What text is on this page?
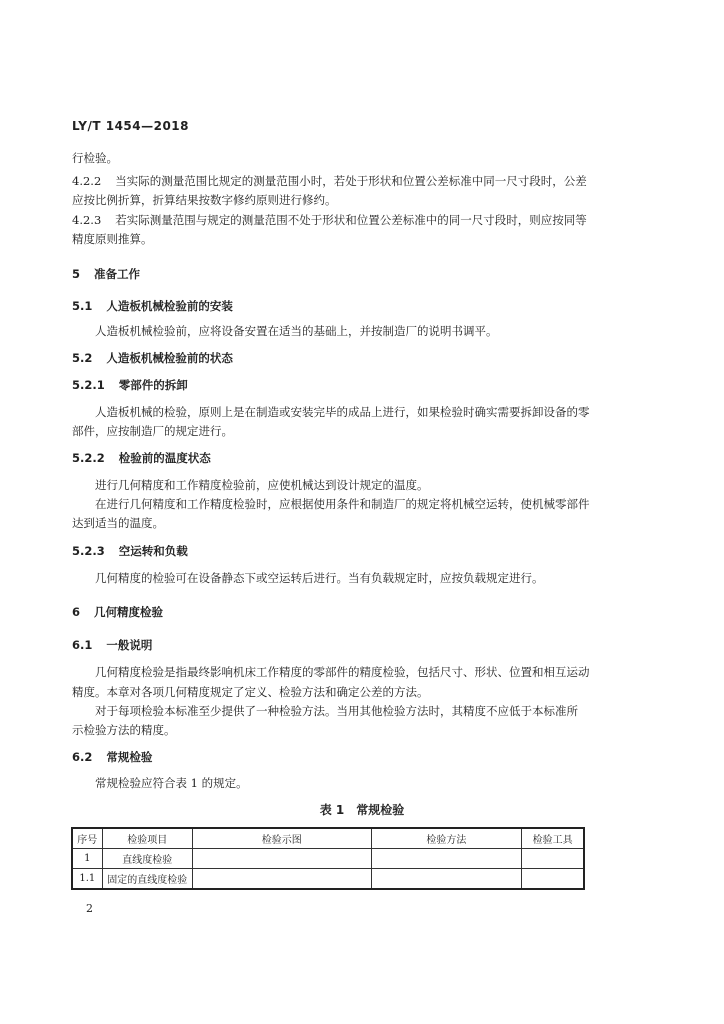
LY/T 1454—2018
行检验。
4.2.2 当实际的测量范围比规定的测量范围小时，若处于形状和位置公差标准中同一尺寸段时，公差
应按比例折算，折算结果按数字修约原则进行修约。
4.2.3 若实际测量范围与规定的测量范围不处于形状和位置公差标准中的同一尺寸段时，则应按同等
精度原则推算。
5 准备工作
5.1 人造板机械检验前的安装
人造板机械检验前，应将设备安置在适当的基础上，并按制造厂的说明书调平。
5.2 人造板机械检验前的状态
5.2.1 零部件的拆卸
人造板机械的检验，原则上是在制造或安装完毕的成品上进行，如果检验时确实需要拆卸设备的零
部件，应按制造厂的规定进行。
5.2.2 检验前的温度状态
进行几何精度和工作精度检验前，应使机械达到设计规定的温度。
在进行几何精度和工作精度检验时，应根据使用条件和制造厂的规定将机械空运转，使机械零部件
达到适当的温度。
5.2.3 空运转和负载
几何精度的检验可在设备静态下或空运转后进行。当有负载规定时，应按负载规定进行。
6 几何精度检验
6.1 一般说明
几何精度检验是指最终影响机床工作精度的零部件的精度检验，包括尺寸、形状、位置和相互运动
精度。本章对各项几何精度规定了定义、检验方法和确定公差的方法。
对于每项检验本标准至少提供了一种检验方法。当用其他检验方法时，其精度不应低于本标准所
示检验方法的精度。
6.2 常规检验
常规检验应符合表 1 的规定。
表 1　常规检验
序号	检验项目	检验示图	检验方法	检验工具
1	直线度检验			
1.1	固定的直线度检验			
2
